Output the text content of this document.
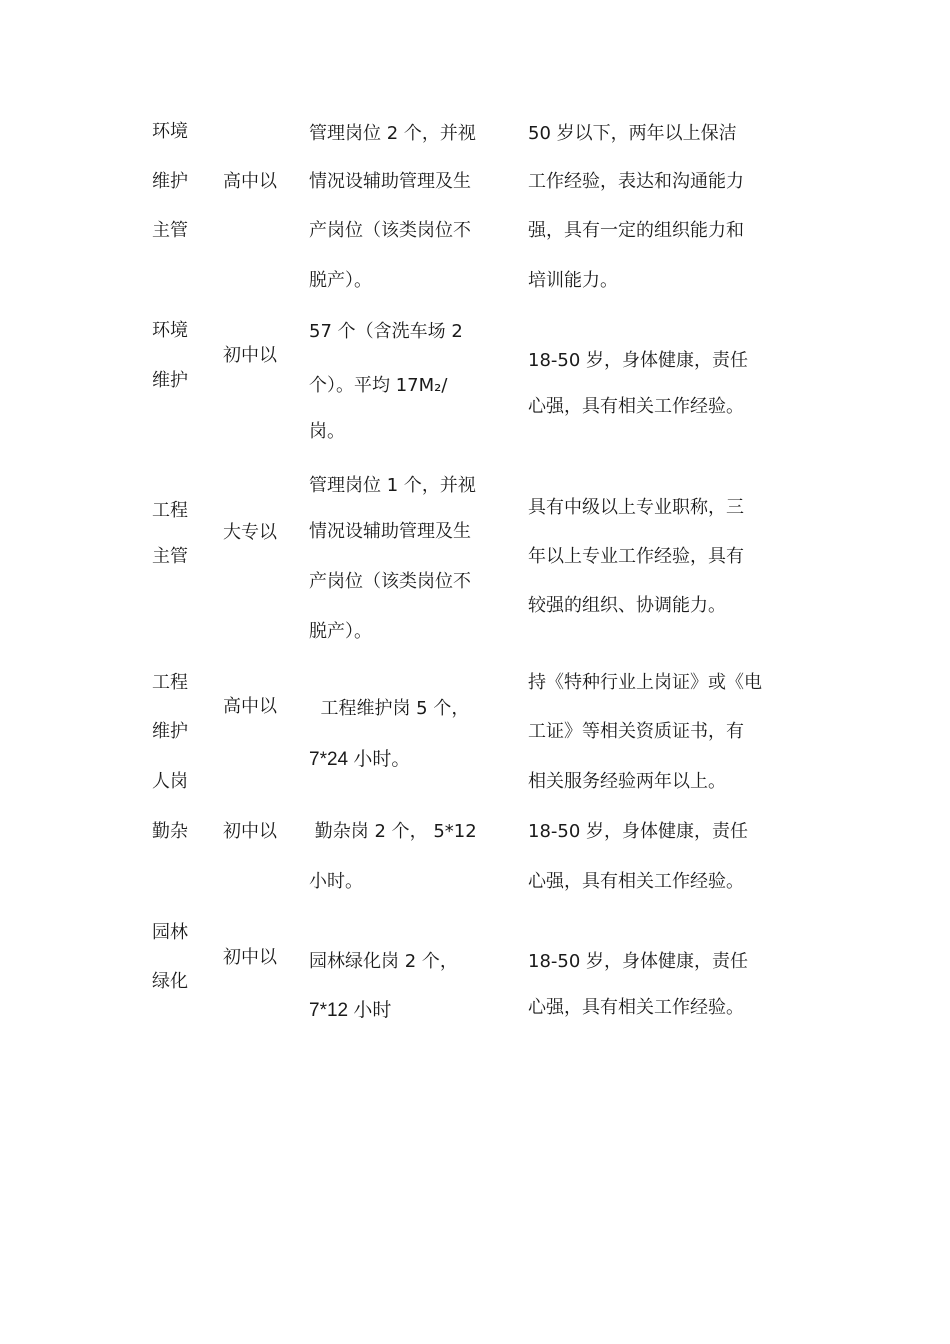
环境
维护
主管
高中以
管理岗位 2 个，并视
情况设辅助管理及生
产岗位（该类岗位不
脱产）。
50 岁以下，两年以上保洁
工作经验，表达和沟通能力
强，具有一定的组织能力和
培训能力。
环境
维护
初中以
57 个（含洗车场 2
个）。平均 17M₂/
岗。
18-50 岁，身体健康，责任
心强，具有相关工作经验。
工程
主管
大专以
管理岗位 1 个，并视
情况设辅助管理及生
产岗位（该类岗位不
脱产）。
具有中级以上专业职称，三
年以上专业工作经验，具有
较强的组织、协调能力。
工程
维护
人岗
高中以 工程维护岗 5 个，
7*24 小时。
持《特种行业上岗证》或《电
工证》等相关资质证书，有
相关服务经验两年以上。
勤杂 初中以 勤杂岗 2 个， 5*12
小时。
18-50 岁，身体健康，责任
心强，具有相关工作经验。
园林
绿化
初中以 园林绿化岗 2 个，
7*12 小时
18-50 岁，身体健康，责任
心强，具有相关工作经验。
